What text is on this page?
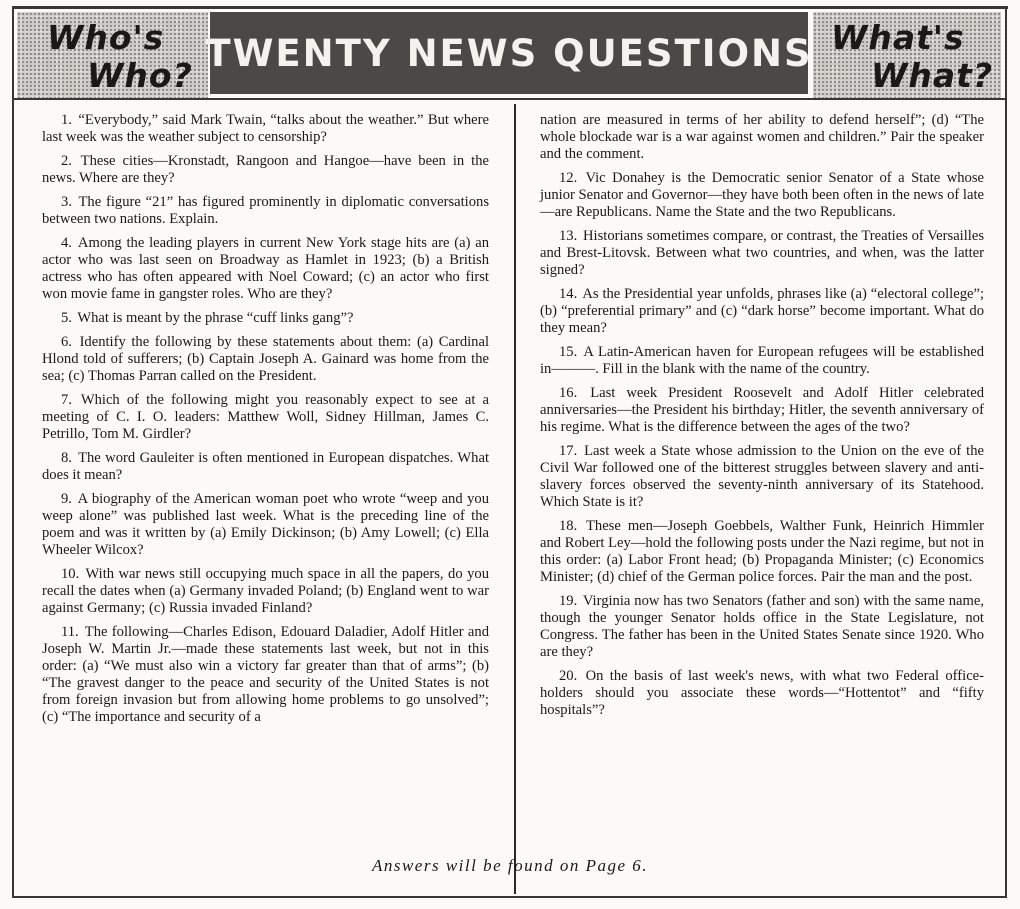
Who's
Who?
TWENTY NEWS QUESTIONS What's
What?

1. “Everybody,” said Mark Twain, “talks about the weather.” But where last week was the weather subject to censorship?

2. These cities—Kronstadt, Rangoon and Hangoe—have been in the news. Where are they?

3. The figure “21” has figured prominently in diplomatic conversations between two nations. Explain.

4. Among the leading players in current New York stage hits are (a) an actor who was last seen on Broadway as Hamlet in 1923; (b) a British actress who has often appeared with Noel Coward; (c) an actor who first won movie fame in gangster roles. Who are they?

5. What is meant by the phrase “cuff links gang”?

6. Identify the following by these statements about them: (a) Cardinal Hlond told of sufferers; (b) Captain Joseph A. Gainard was home from the sea; (c) Thomas Parran called on the President.

7. Which of the following might you reasonably expect to see at a meeting of C. I. O. leaders: Matthew Woll, Sidney Hillman, James C. Petrillo, Tom M. Girdler?

8. The word Gauleiter is often mentioned in European dispatches. What does it mean?

9. A biography of the American woman poet who wrote “weep and you weep alone” was published last week. What is the preceding line of the poem and was it written by (a) Emily Dickinson; (b) Amy Lowell; (c) Ella Wheeler Wilcox?

10. With war news still occupying much space in all the papers, do you recall the dates when (a) Germany invaded Poland; (b) England went to war against Germany; (c) Russia invaded Finland?

11. The following—Charles Edison, Edouard Daladier, Adolf Hitler and Joseph W. Martin Jr.—made these statements last week, but not in this order: (a) “We must also win a victory far greater than that of arms”; (b) “The gravest danger to the peace and security of the United States is not from foreign invasion but from allowing home problems to go unsolved”; (c) “The importance and security of a

nation are measured in terms of her ability to defend herself”; (d) “The whole blockade war is a war against women and children.” Pair the speaker and the comment.

12. Vic Donahey is the Democratic senior Senator of a State whose junior Senator and Governor—they have both been often in the news of late—are Republicans. Name the State and the two Republicans.

13. Historians sometimes compare, or contrast, the Treaties of Versailles and Brest-Litovsk. Between what two countries, and when, was the latter signed?

14. As the Presidential year unfolds, phrases like (a) “electoral college”; (b) “preferential primary” and (c) “dark horse” become important. What do they mean?

15. A Latin-American haven for European refugees will be established in———. Fill in the blank with the name of the country.

16. Last week President Roosevelt and Adolf Hitler celebrated anniversaries—the President his birthday; Hitler, the seventh anniversary of his regime. What is the difference between the ages of the two?

17. Last week a State whose admission to the Union on the eve of the Civil War followed one of the bitterest struggles between slavery and anti-slavery forces observed the seventy-ninth anniversary of its Statehood. Which State is it?

18. These men—Joseph Goebbels, Walther Funk, Heinrich Himmler and Robert Ley—hold the following posts under the Nazi regime, but not in this order: (a) Labor Front head; (b) Propaganda Minister; (c) Economics Minister; (d) chief of the German police forces. Pair the man and the post.

19. Virginia now has two Senators (father and son) with the same name, though the younger Senator holds office in the State Legislature, not Congress. The father has been in the United States Senate since 1920. Who are they?

20. On the basis of last week's news, with what two Federal office-holders should you associate these words—“Hottentot” and “fifty hospitals”?

Answers will be found on Page 6.
